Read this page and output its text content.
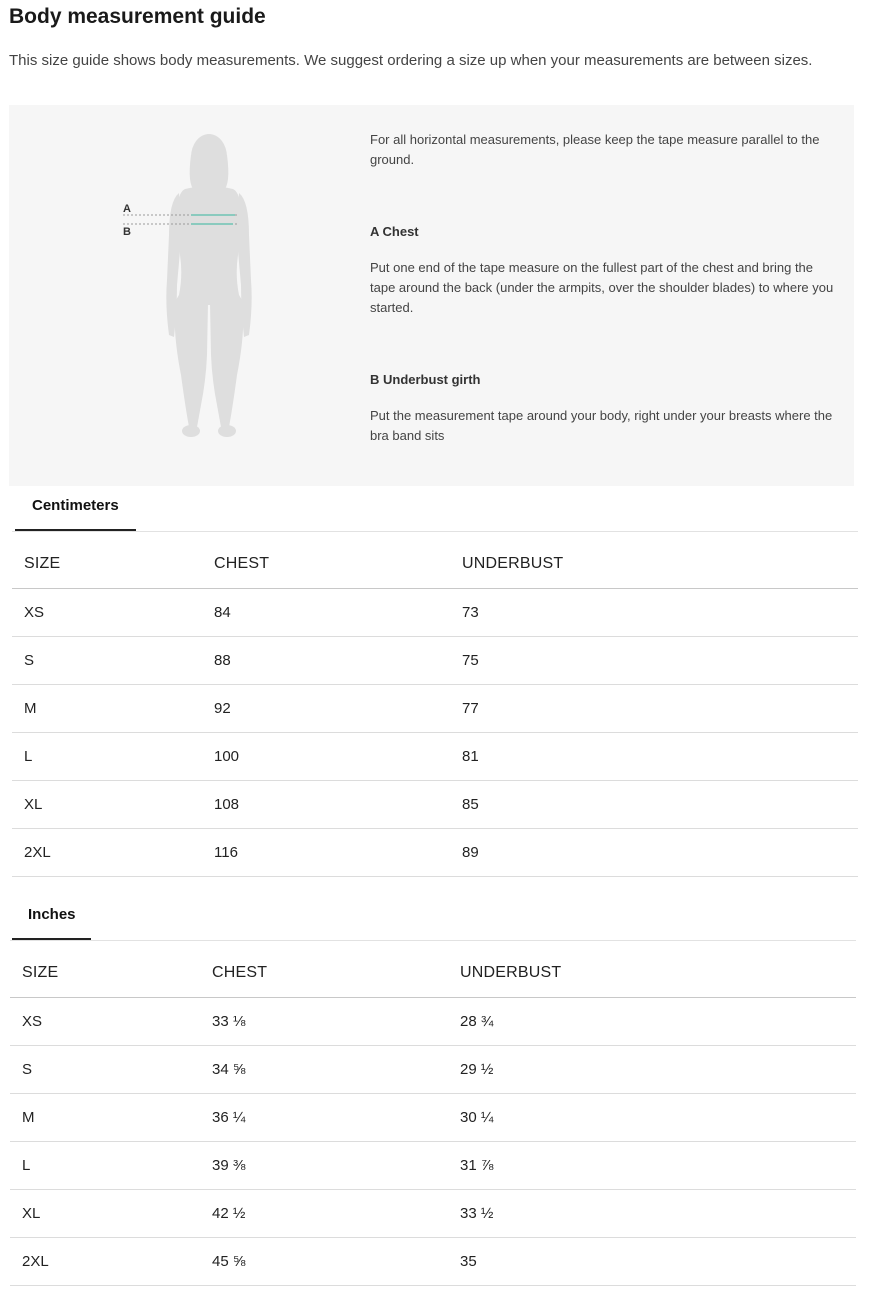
Body measurement guide

This size guide shows body measurements. We suggest ordering a size up when your measurements are between sizes.

A
B

For all horizontal measurements, please keep the tape measure parallel to the ground.

A Chest

Put one end of the tape measure on the fullest part of the chest and bring the tape around the back (under the armpits, over the shoulder blades) to where you started.

B Underbust girth

Put the measurement tape around your body, right under your breasts where the bra band sits

Centimeters
SIZE	CHEST	UNDERBUST
XS	84	73
S	88	75
M	92	77
L	100	81
XL	108	85
2XL	116	89
Inches
SIZE	CHEST	UNDERBUST
XS	33 ⅛	28 ¾
S	34 ⅝	29 ½
M	36 ¼	30 ¼
L	39 ⅜	31 ⅞
XL	42 ½	33 ½
2XL	45 ⅝	35
